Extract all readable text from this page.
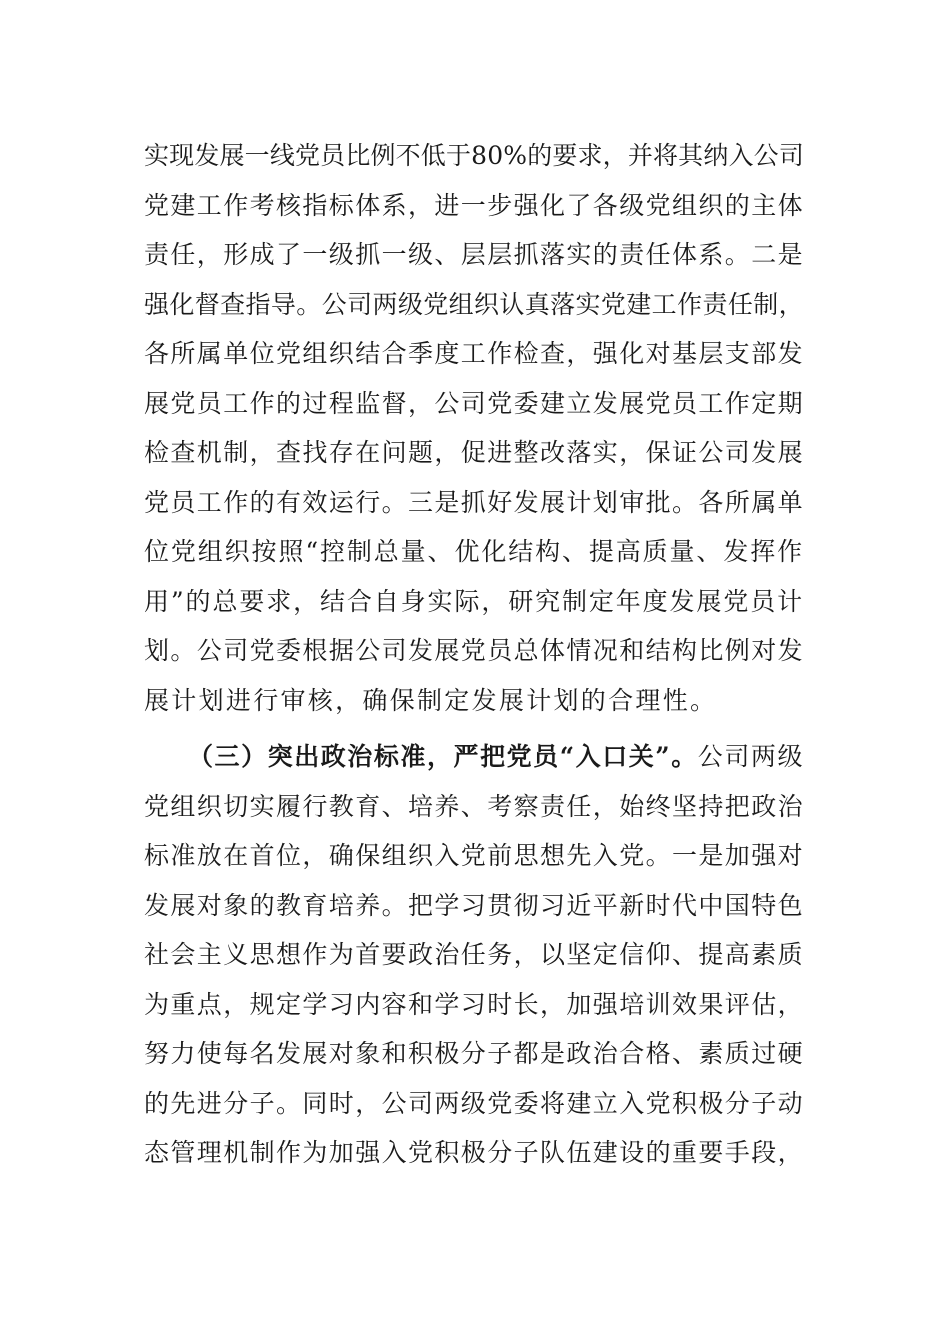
实现发展一线党员比例不低于80%的要求，并将其纳入公司
党建工作考核指标体系，进一步强化了各级党组织的主体
责任，形成了一级抓一级、层层抓落实的责任体系。二是
强化督查指导。公司两级党组织认真落实党建工作责任制，
各所属单位党组织结合季度工作检查，强化对基层支部发
展党员工作的过程监督，公司党委建立发展党员工作定期
检查机制，查找存在问题，促进整改落实，保证公司发展
党员工作的有效运行。三是抓好发展计划审批。各所属单
位党组织按照“控制总量、优化结构、提高质量、发挥作
用”的总要求，结合自身实际，研究制定年度发展党员计
划。公司党委根据公司发展党员总体情况和结构比例对发
展计划进行审核，确保制定发展计划的合理性。
（三）突出政治标准，严把党员“入口关”。公司两级
党组织切实履行教育、培养、考察责任，始终坚持把政治
标准放在首位，确保组织入党前思想先入党。一是加强对
发展对象的教育培养。把学习贯彻习近平新时代中国特色
社会主义思想作为首要政治任务，以坚定信仰、提高素质
为重点，规定学习内容和学习时长，加强培训效果评估，
努力使每名发展对象和积极分子都是政治合格、素质过硬
的先进分子。同时，公司两级党委将建立入党积极分子动
态管理机制作为加强入党积极分子队伍建设的重要手段，
